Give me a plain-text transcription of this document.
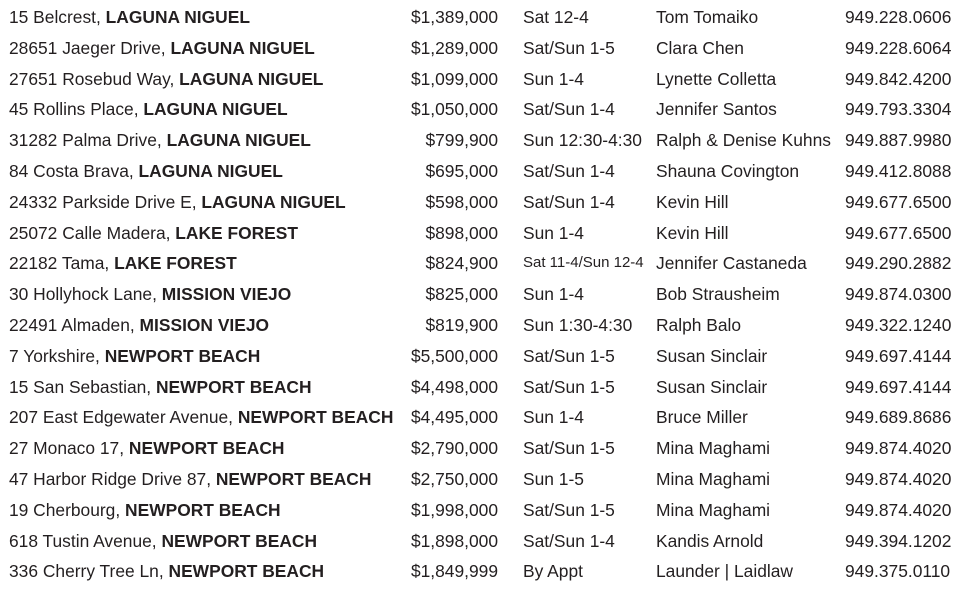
15 Belcrest, LAGUNA NIGUEL	$1,389,000 Sat 12-4	Tom Tomaiko	949.228.0606
28651 Jaeger Drive, LAGUNA NIGUEL	$1,289,000 Sat/Sun 1-5 Clara Chen	949.228.6064
27651 Rosebud Way, LAGUNA NIGUEL	$1,099,000 Sun 1-4	Lynette Colletta	949.842.4200
45 Rollins Place, LAGUNA NIGUEL	$1,050,000 Sat/Sun 1-4 Jennifer Santos	949.793.3304
31282 Palma Drive, LAGUNA NIGUEL	$799,900 Sun 12:30-4:30 Ralph & Denise Kuhns 949.887.9980
84 Costa Brava, LAGUNA NIGUEL	$695,000 Sat/Sun 1-4 Shauna Covington	949.412.8088
24332 Parkside Drive E, LAGUNA NIGUEL	$598,000 Sat/Sun 1-4 Kevin Hill	949.677.6500
25072 Calle Madera, LAKE FOREST	$898,000 Sun 1-4	Kevin Hill	949.677.6500
22182 Tama, LAKE FOREST	$824,900 Sat 11-4/Sun 12-4 Jennifer Castaneda 949.290.2882
30 Hollyhock Lane, MISSION VIEJO	$825,000 Sun 1-4	Bob Strausheim	949.874.0300
22491 Almaden, MISSION VIEJO	$819,900 Sun 1:30-4:30 Ralph Balo	949.322.1240
7 Yorkshire, NEWPORT BEACH	$5,500,000 Sat/Sun 1-5 Susan Sinclair	949.697.4144
15 San Sebastian, NEWPORT BEACH	$4,498,000 Sat/Sun 1-5 Susan Sinclair	949.697.4144
207 East Edgewater Avenue, NEWPORT BEACH $4,495,000 Sun 1-4	Bruce Miller	949.689.8686
27 Monaco 17, NEWPORT BEACH	$2,790,000 Sat/Sun 1-5 Mina Maghami	949.874.4020
47 Harbor Ridge Drive 87, NEWPORT BEACH $2,750,000 Sun 1-5	Mina Maghami	949.874.4020
19 Cherbourg, NEWPORT BEACH	$1,998,000 Sat/Sun 1-5 Mina Maghami	949.874.4020
618 Tustin Avenue, NEWPORT BEACH	$1,898,000 Sat/Sun 1-4 Kandis Arnold	949.394.1202
336 Cherry Tree Ln, NEWPORT BEACH	$1,849,999 By Appt	Launder | Laidlaw	949.375.0110
